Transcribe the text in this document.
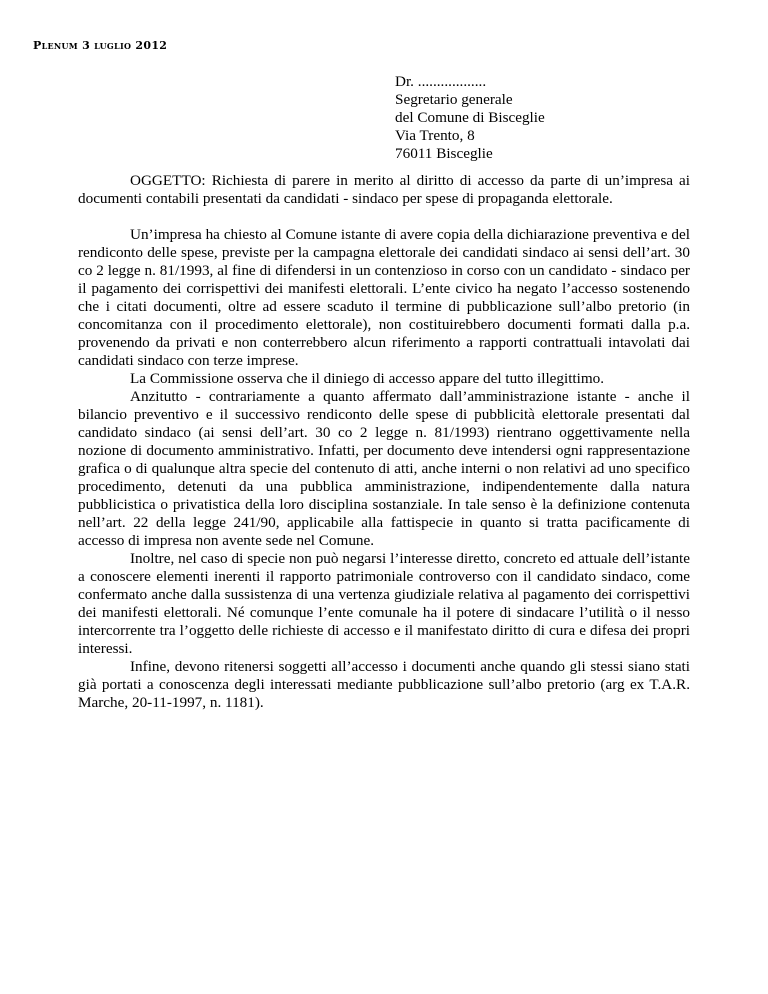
Plenum 3 luglio 2012
Dr. ..................
Segretario generale
del Comune di Bisceglie
Via Trento, 8
76011 Bisceglie

OGGETTO: Richiesta di parere in merito al diritto di accesso da parte di un’impresa ai documenti contabili presentati da candidati - sindaco per spese di propaganda elettorale.

Un’impresa ha chiesto al Comune istante di avere copia della dichiarazione preventiva e del rendiconto delle spese, previste per la campagna elettorale dei candidati sindaco ai sensi dell’art. 30 co 2 legge n. 81/1993, al fine di difendersi in un contenzioso in corso con un candidato - sindaco per il pagamento dei corrispettivi dei manifesti elettorali. L’ente civico ha negato l’accesso sostenendo che i citati documenti, oltre ad essere scaduto il termine di pubblicazione sull’albo pretorio (in concomitanza con il procedimento elettorale), non costituirebbero documenti formati dalla p.a. provenendo da privati e non conterrebbero alcun riferimento a rapporti contrattuali intavolati dai candidati sindaco con terze imprese.

La Commissione osserva che il diniego di accesso appare del tutto illegittimo.

Anzitutto - contrariamente a quanto affermato dall’amministrazione istante - anche il bilancio preventivo e il successivo rendiconto delle spese di pubblicità elettorale presentati dal candidato sindaco (ai sensi dell’art. 30 co 2 legge n. 81/1993) rientrano oggettivamente nella nozione di documento amministrativo. Infatti, per documento deve intendersi ogni rappresentazione grafica o di qualunque altra specie del contenuto di atti, anche interni o non relativi ad uno specifico procedimento, detenuti da una pubblica amministrazione, indipendentemente dalla natura pubblicistica o privatistica della loro disciplina sostanziale. In tale senso è la definizione contenuta nell’art. 22 della legge 241/90, applicabile alla fattispecie in quanto si tratta pacificamente di accesso di impresa non avente sede nel Comune.

Inoltre, nel caso di specie non può negarsi l’interesse diretto, concreto ed attuale dell’istante a conoscere elementi inerenti il rapporto patrimoniale controverso con il candidato sindaco, come confermato anche dalla sussistenza di una vertenza giudiziale relativa al pagamento dei corrispettivi dei manifesti elettorali. Né comunque l’ente comunale ha il potere di sindacare l’utilità o il nesso intercorrente tra l’oggetto delle richieste di accesso e il manifestato diritto di cura e difesa dei propri interessi.

Infine, devono ritenersi soggetti all’accesso i documenti anche quando gli stessi siano stati già portati a conoscenza degli interessati mediante pubblicazione sull’albo pretorio (arg ex T.A.R. Marche, 20-11-1997, n. 1181).
